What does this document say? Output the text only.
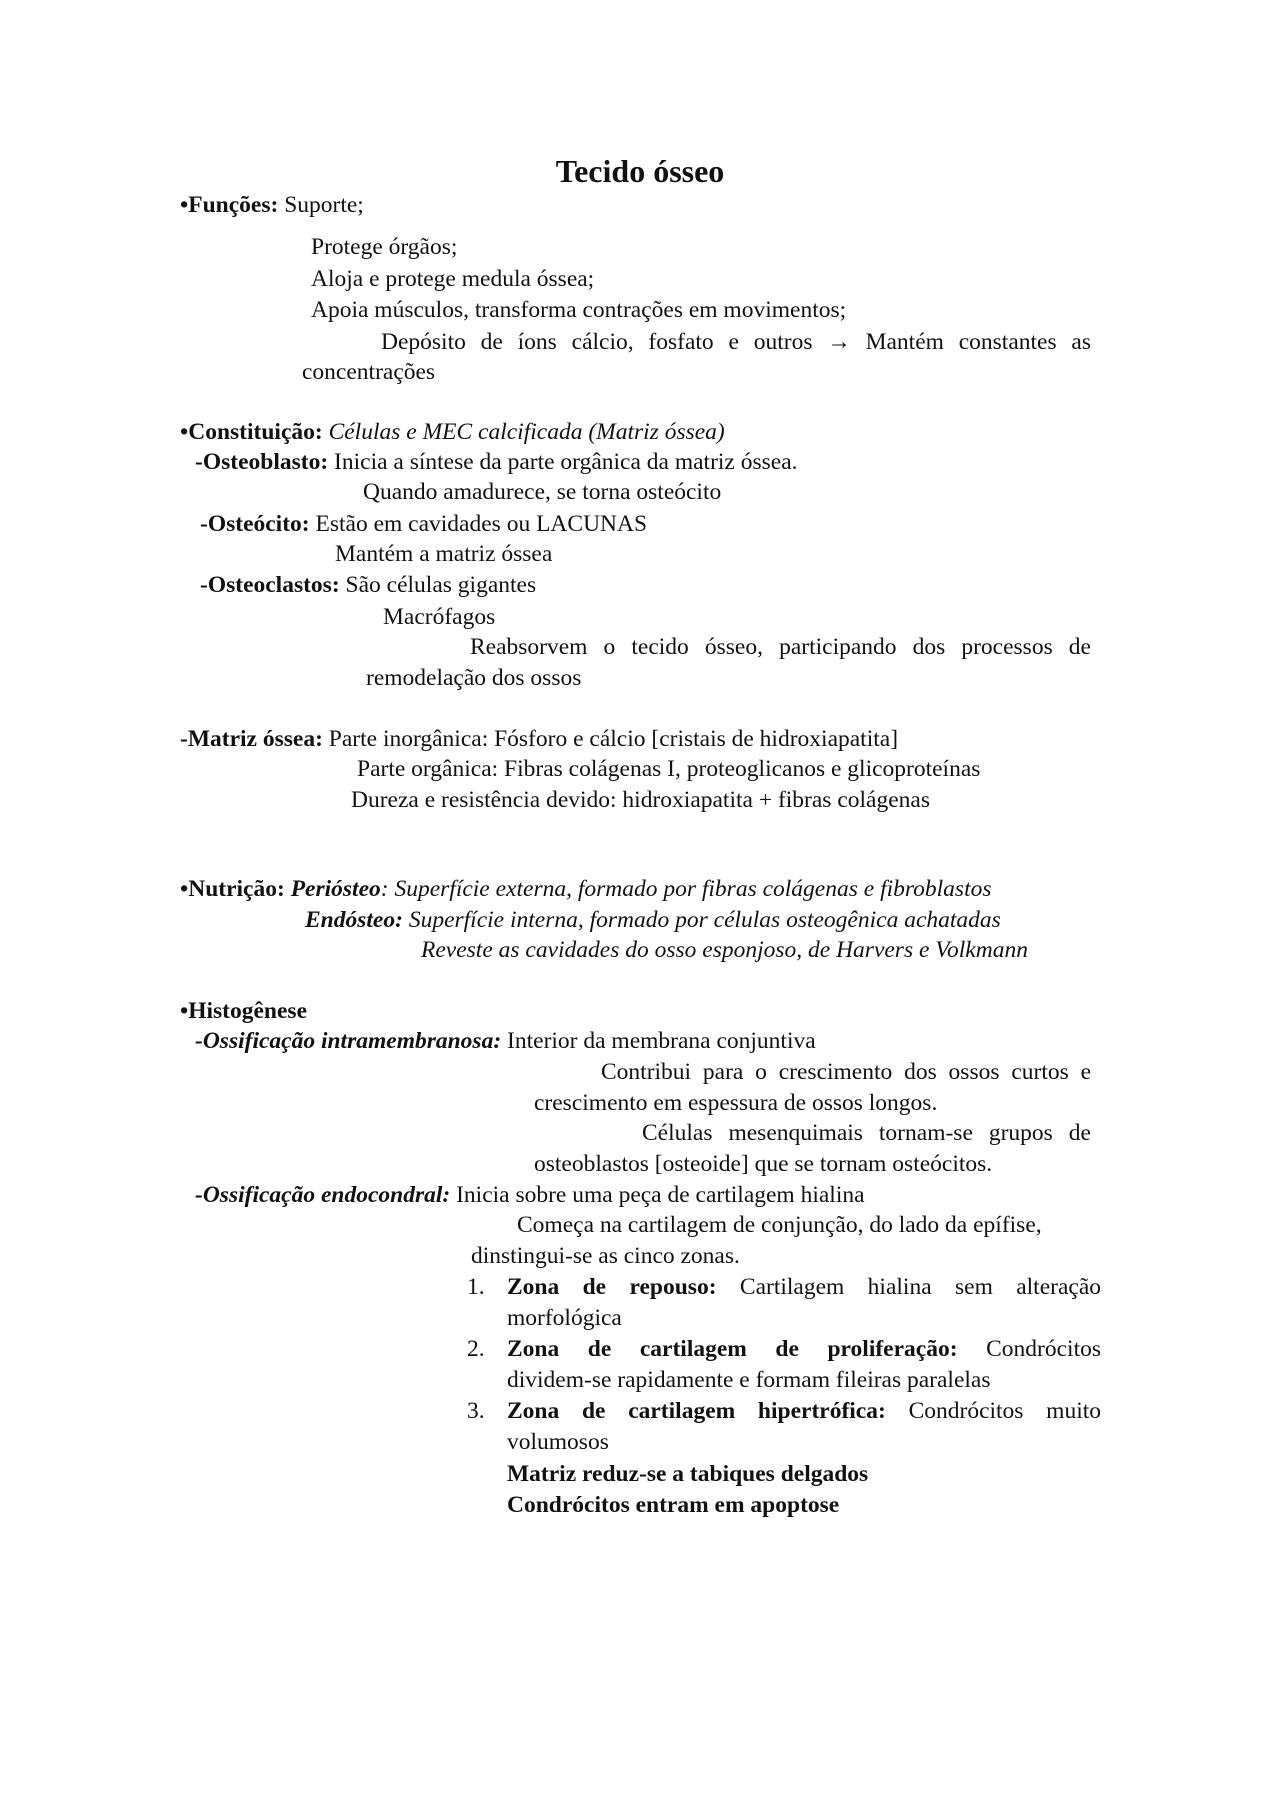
Tecido ósseo
•Funções: Suporte;
Protege órgãos;
Aloja e protege medula óssea;
Apoia músculos, transforma contrações em movimentos;
Depósito de íons cálcio, fosfato e outros → Mantém constantes as
concentrações
•Constituição: Células e MEC calcificada (Matriz óssea)
-Osteoblasto: Inicia a síntese da parte orgânica da matriz óssea.
Quando amadurece, se torna osteócito
-Osteócito: Estão em cavidades ou LACUNAS
Mantém a matriz óssea
-Osteoclastos: São células gigantes
Macrófagos
Reabsorvem o tecido ósseo, participando dos processos de
remodelação dos ossos
-Matriz óssea: Parte inorgânica: Fósforo e cálcio [cristais de hidroxiapatita]
Parte orgânica: Fibras colágenas I, proteoglicanos e glicoproteínas
Dureza e resistência devido: hidroxiapatita + fibras colágenas
•Nutrição: Perióst​eo: Superfície externa, formado por fibras colágenas e fibroblastos
Endósteo: Superfície interna, formado por células osteogênica achatadas
Reveste as cavidades do osso esponjoso, de Harvers e Volkmann
•Histogênese
-Ossificação intramembranosa: Interior da membrana conjuntiva
Contribui para o crescimento dos ossos curtos e
crescimento em espessura de ossos longos.
Células mesenquimais tornam-se grupos de
osteoblastos [osteoide] que se tornam osteócitos.
-Ossificação endocondral: Inicia sobre uma peça de cartilagem hialina
Começa na cartilagem de conjunção, do lado da epífise,
dinstingui-se as cinco zonas.
1. Zona de repouso: Cartilagem hialina sem alteração
morfológica
2. Zona de cartilagem de proliferação: Condrócitos
dividem-se rapidamente e formam fileiras paralelas
3. Zona de cartilagem hipertrófica: Condrócitos muito
volumosos
Matriz reduz-se a tabiques delgados
Condrócitos entram em apoptose
